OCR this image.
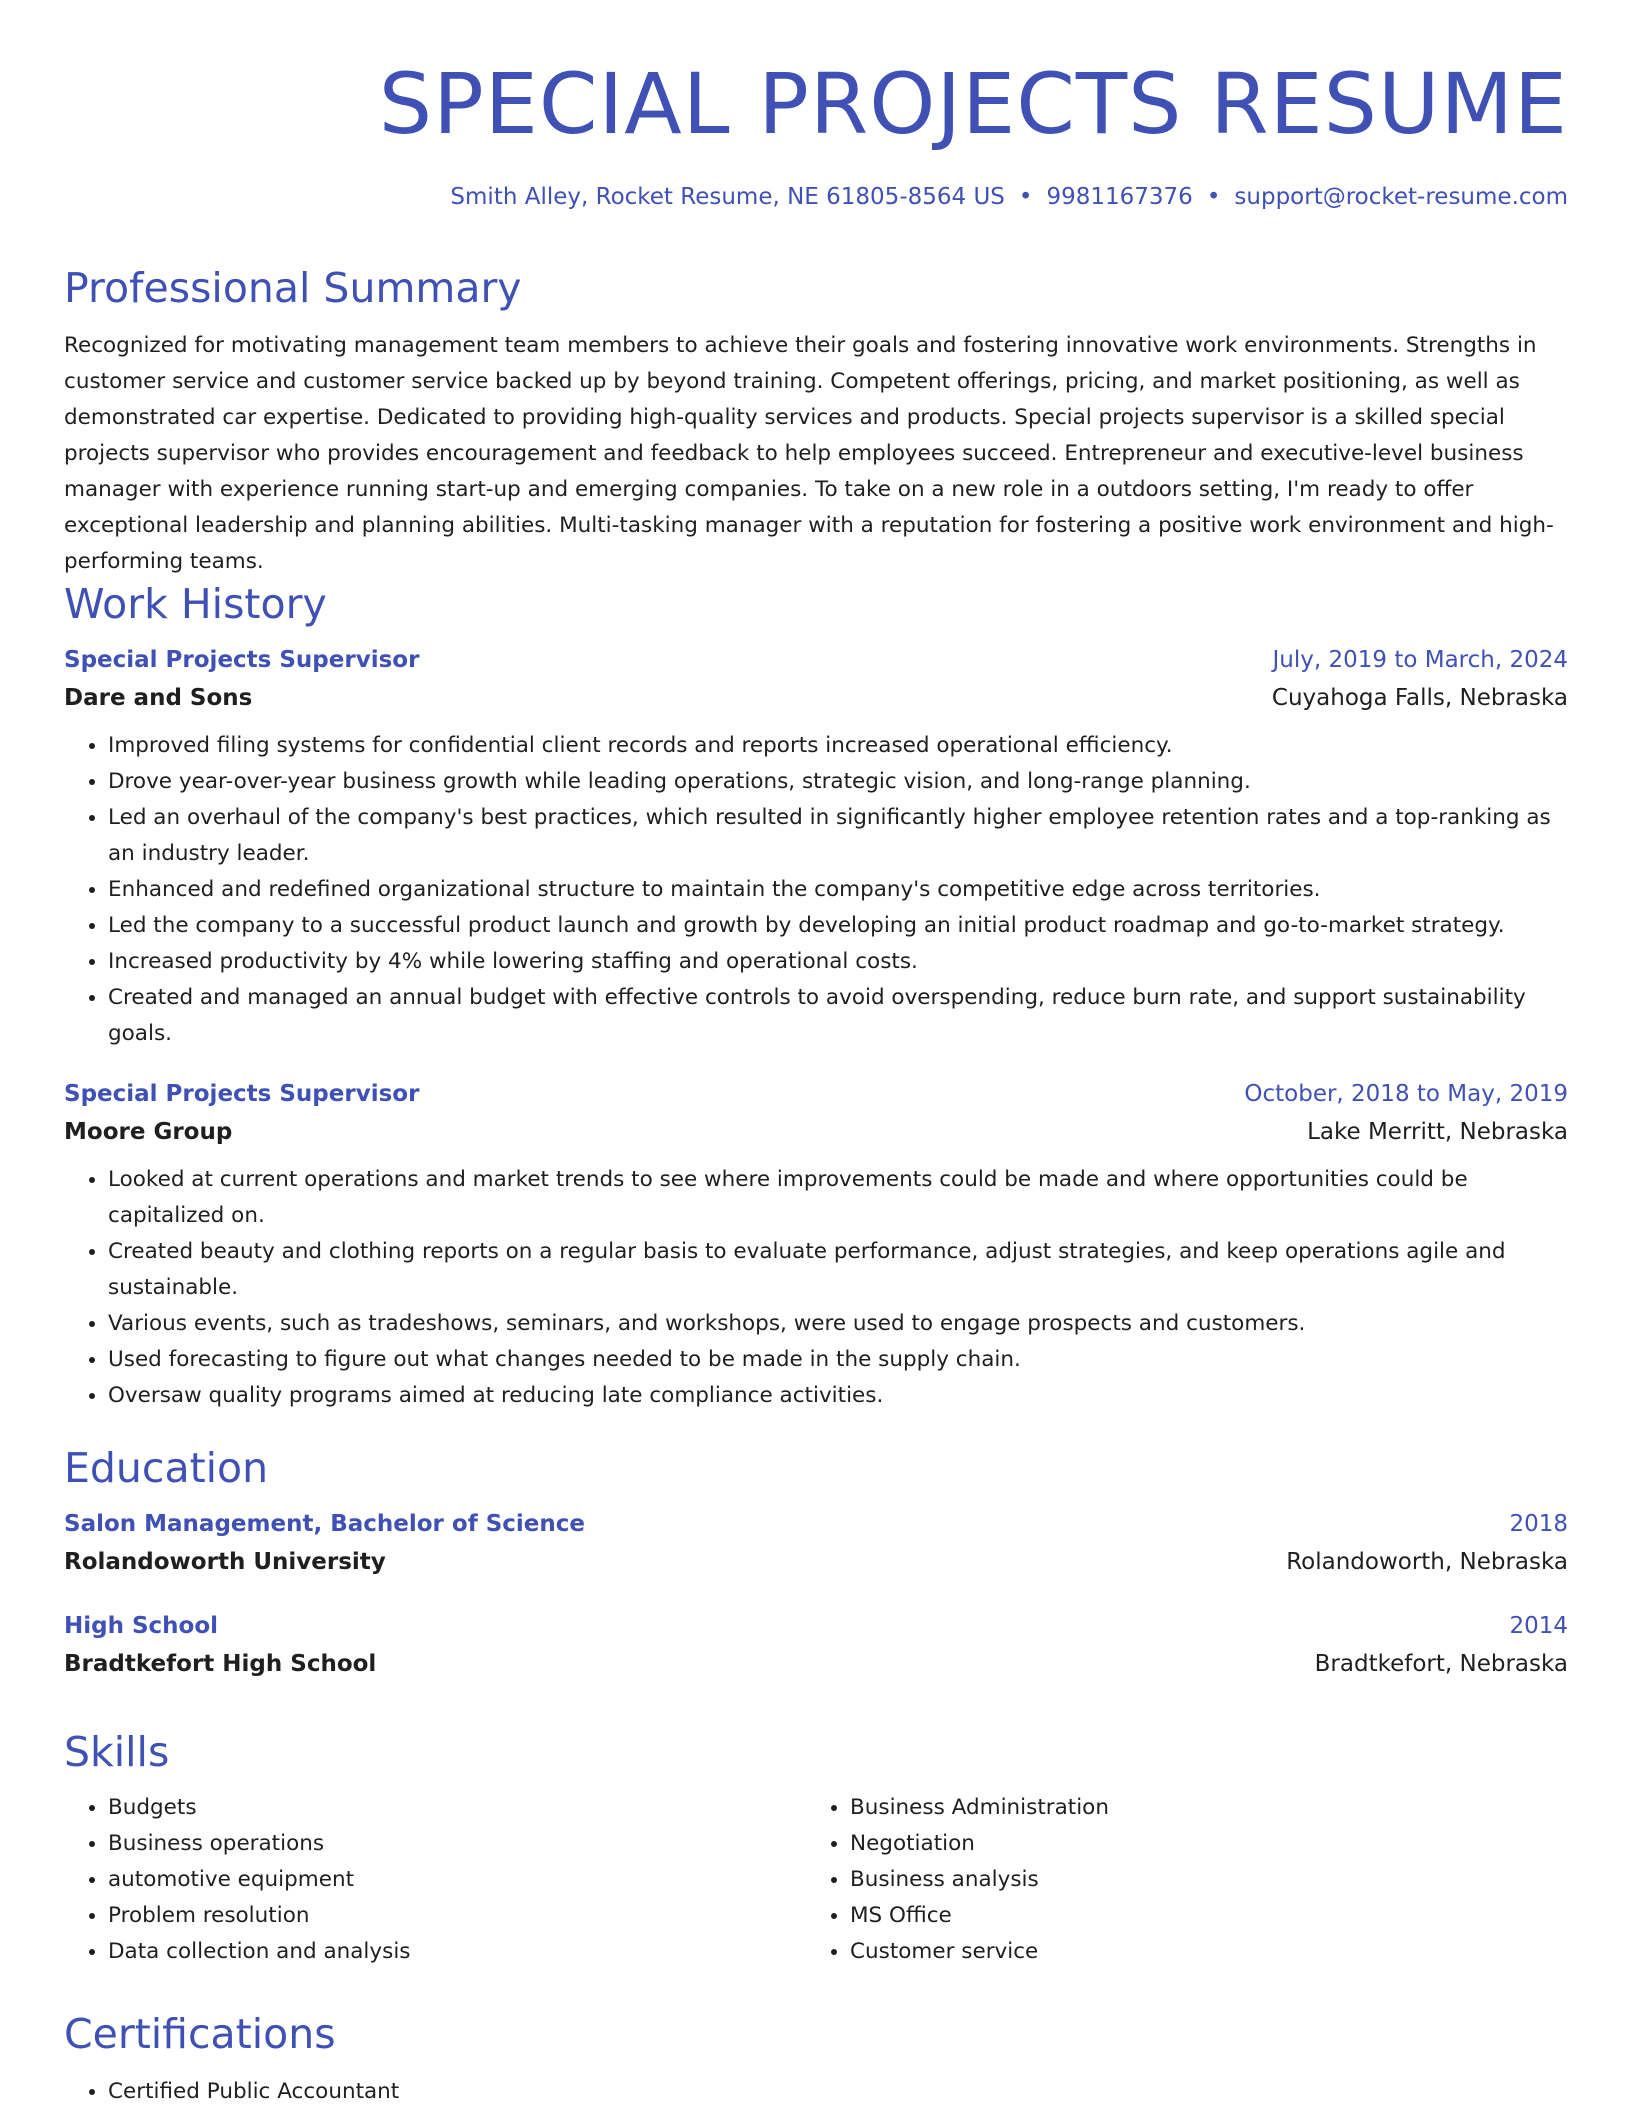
SPECIAL PROJECTS RESUME
Smith Alley, Rocket Resume, NE 61805-8564 US • 9981167376 • support@rocket-resume.com
Professional Summary

Recognized for motivating management team members to achieve their goals and fostering innovative work environments. Strengths in customer service and customer service backed up by beyond training. Competent offerings, pricing, and market positioning, as well as demonstrated car expertise. Dedicated to providing high-quality services and products. Special projects supervisor is a skilled special projects supervisor who provides encouragement and feedback to help employees succeed. Entrepreneur and executive-level business manager with experience running start-up and emerging companies. To take on a new role in a outdoors setting, I'm ready to offer exceptional leadership and planning abilities. Multi-tasking manager with a reputation for fostering a positive work environment and high-performing teams.

Work History
Special Projects Supervisor	July, 2019 to March, 2024
Dare and Sons	Cuyahoga Falls, Nebraska
• Improved filing systems for confidential client records and reports increased operational efficiency.
• Drove year-over-year business growth while leading operations, strategic vision, and long-range planning.
• Led an overhaul of the company's best practices, which resulted in significantly higher employee retention rates and a top-ranking as an industry leader.
• Enhanced and redefined organizational structure to maintain the company's competitive edge across territories.
• Led the company to a successful product launch and growth by developing an initial product roadmap and go-to-market strategy.
• Increased productivity by 4% while lowering staffing and operational costs.
• Created and managed an annual budget with effective controls to avoid overspending, reduce burn rate, and support sustainability goals.
Special Projects Supervisor	October, 2018 to May, 2019
Moore Group	Lake Merritt, Nebraska
• Looked at current operations and market trends to see where improvements could be made and where opportunities could be capitalized on.
• Created beauty and clothing reports on a regular basis to evaluate performance, adjust strategies, and keep operations agile and sustainable.
• Various events, such as tradeshows, seminars, and workshops, were used to engage prospects and customers.
• Used forecasting to figure out what changes needed to be made in the supply chain.
• Oversaw quality programs aimed at reducing late compliance activities.
Education
Salon Management, Bachelor of Science	2018
Rolandoworth University	Rolandoworth, Nebraska
High School	2014
Bradtkefort High School	Bradtkefort, Nebraska
Skills
• Budgets
• Business operations
• automotive equipment
• Problem resolution
• Data collection and analysis
• Business Administration
• Negotiation
• Business analysis
• MS Office
• Customer service
Certifications
• Certified Public Accountant
